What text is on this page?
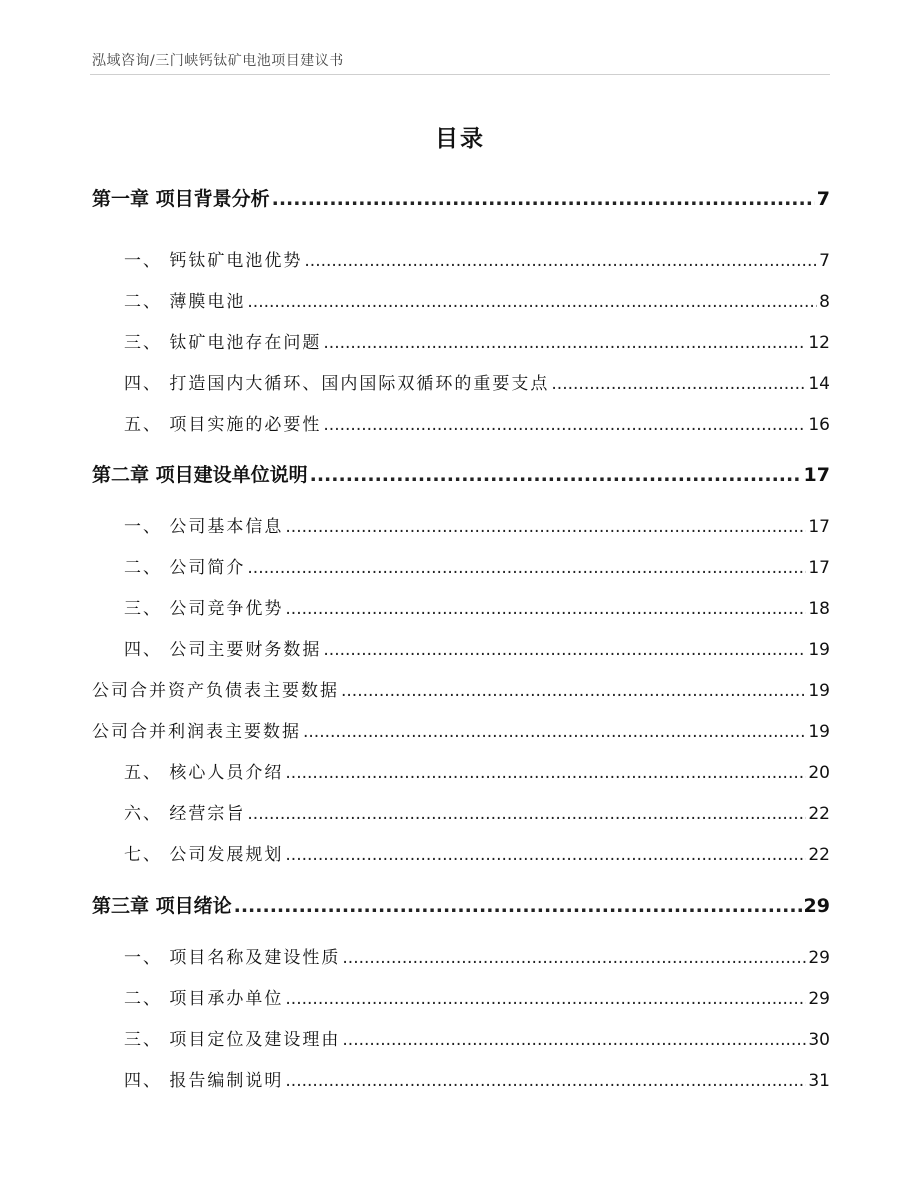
泓域咨询/三门峡钙钛矿电池项目建议书
目录
第一章 项目背景分析 .....	7
一、 钙钛矿电池优势 .....	7
二、 薄膜电池 .....	8
三、 钛矿电池存在问题 .....	12
四、 打造国内大循环、国内国际双循环的重要支点 .....	14
五、 项目实施的必要性 .....	16
第二章 项目建设单位说明 .....	17
一、 公司基本信息 .....	17
二、 公司简介 .....	17
三、 公司竞争优势 .....	18
四、 公司主要财务数据 .....	19
公司合并资产负债表主要数据 .....	19
公司合并利润表主要数据 .....	19
五、 核心人员介绍 .....	20
六、 经营宗旨 .....	22
七、 公司发展规划 .....	22
第三章 项目绪论 .....	29
一、 项目名称及建设性质 .....	29
二、 项目承办单位 .....	29
三、 项目定位及建设理由 .....	30
四、 报告编制说明 .....	31
